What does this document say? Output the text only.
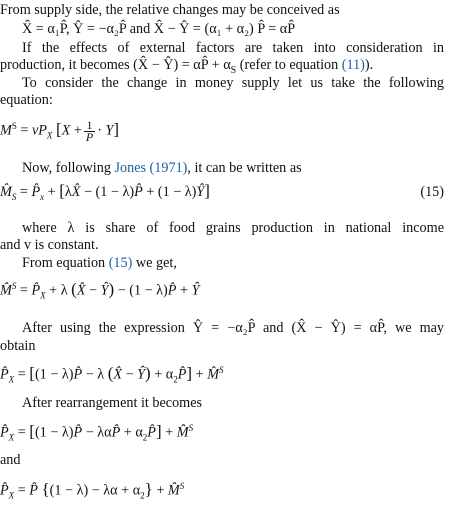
From supply side, the relative changes may be conceived as
X̂ = α₁P̂, Ŷ = −α₂P̂ and X̂ − Ŷ = (α₁ + α₂) P̂ = αP̂
If the effects of external factors are taken into consideration in
production, it becomes (X̂ − Ŷ) = αP̂ + $\alpha_S$ (refer to equation (11)).
To consider the change in money supply let us take the following
equation:
$M^S = vP_X$ $[X + \frac{1}{P} \cdot Y]$
Now, following Jones (1971), it can be written as
$M̂_S$ = $P̂_x$ + [λX̂ − (1 − λ)P̂ + (1 − λ)Ŷ]	(15)
where λ is share of food grains production in national income
and v is constant.
From equation (15) we get,
M̂$^S$ = $P̂_X + \lambda$ (X̂ − Ŷ) − (1 − λ)P̂ + Ŷ
After using the expression Ŷ = −α₂P̂ and (X̂ − Ŷ) = αP̂, we may
obtain
$P̂_X = [(1$ − λ)P̂ − λ (X̂ − Ŷ) + $\alpha_2P̂$] + M̂$^S$
After rearrangement it becomes
$P̂_X = [(1$ − λ)P̂ − λαP̂ + $\alpha_2P̂$] + M̂$^S$
and
$P̂_X$ = P̂ $\{(1 - \lambda) - \lambda\alpha + \alpha_2\}$ + M̂$^S$
